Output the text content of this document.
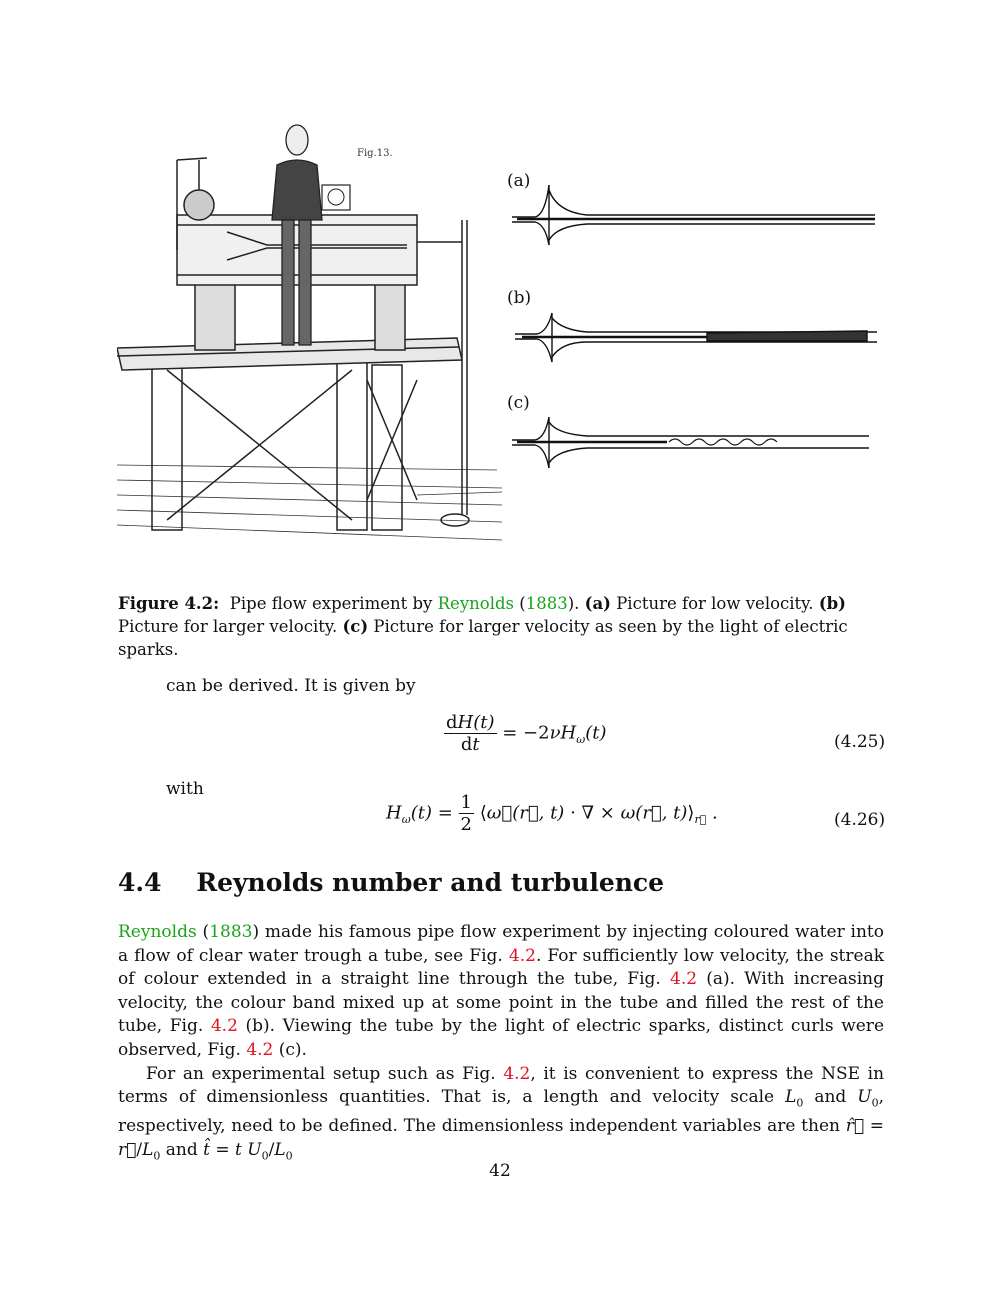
Fig.13.
(a)
(b)
(c)
Figure 4.2: Pipe flow experiment by Reynolds (1883). (a) Picture for low velocity. (b) Picture for larger velocity. (c) Picture for larger velocity as seen by the light of electric sparks.
can be derived. It is given by
$\frac{dH(t)}{dt} = -2\nu H_\omega(t)$	(4.25)
with
$H_\omega(t) = \frac{1}{2}$ ⟨ω⃗(r⃗, t) · ∇ × ω(r⃗, $t)⟩_{r⃗}$ .	(4.26)
4.4 Reynolds number and turbulence

Reynolds (1883) made his famous pipe flow experiment by injecting coloured water into a flow of clear water trough a tube, see Fig. 4.2. For sufficiently low velocity, the streak of colour extended in a straight line through the tube, Fig. 4.2 (a). With increasing velocity, the colour band mixed up at some point in the tube and filled the rest of the tube, Fig. 4.2 (b). Viewing the tube by the light of electric sparks, distinct curls were observed, Fig. 4.2 (c).

For an experimental setup such as Fig. 4.2, it is convenient to express the NSE in terms of dimensionless quantities. That is, a length and velocity scale $L_0$ and $U_0$, respectively, need to be defined. The dimensionless independent variables are then r̂⃗ = $r⃗/L_0$ and t̂ = t $U_0/L_0$

42
